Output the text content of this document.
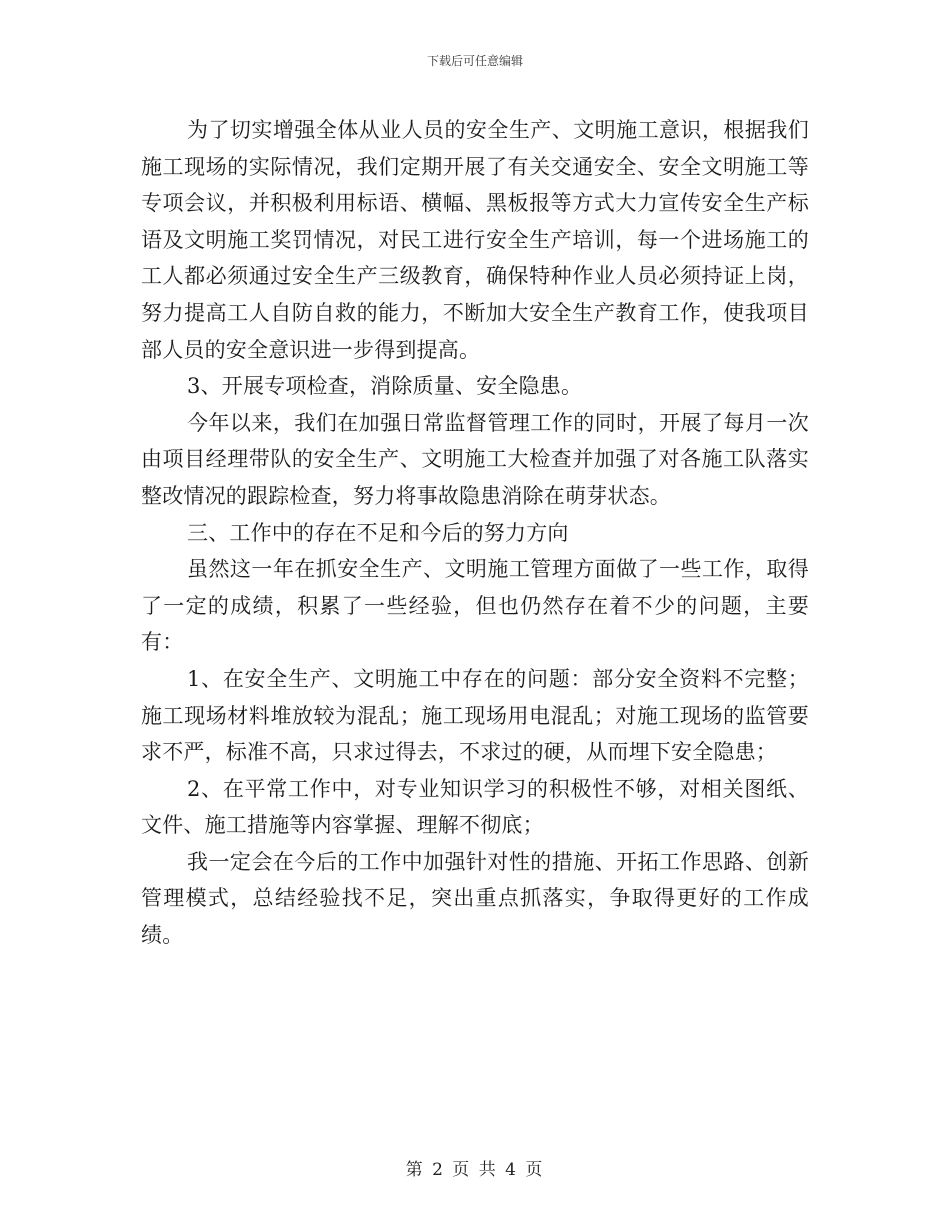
下载后可任意编辑

为了切实增强全体从业人员的安全生产、文明施工意识，根据我们施工现场的实际情况，我们定期开展了有关交通安全、安全文明施工等专项会议，并积极利用标语、横幅、黑板报等方式大力宣传安全生产标语及文明施工奖罚情况，对民工进行安全生产培训，每一个进场施工的工人都必须通过安全生产三级教育，确保特种作业人员必须持证上岗，努力提高工人自防自救的能力，不断加大安全生产教育工作，使我项目部人员的安全意识进一步得到提高。

3、开展专项检查，消除质量、安全隐患。

今年以来，我们在加强日常监督管理工作的同时，开展了每月一次由项目经理带队的安全生产、文明施工大检查并加强了对各施工队落实整改情况的跟踪检查，努力将事故隐患消除在萌芽状态。

三、工作中的存在不足和今后的努力方向

虽然这一年在抓安全生产、文明施工管理方面做了一些工作，取得了一定的成绩，积累了一些经验，但也仍然存在着不少的问题，主要有：

1、在安全生产、文明施工中存在的问题：部分安全资料不完整；施工现场材料堆放较为混乱；施工现场用电混乱；对施工现场的监管要求不严，标准不高，只求过得去，不求过的硬，从而埋下安全隐患；

2、在平常工作中，对专业知识学习的积极性不够，对相关图纸、文件、施工措施等内容掌握、理解不彻底；

我一定会在今后的工作中加强针对性的措施、开拓工作思路、创新管理模式，总结经验找不足，突出重点抓落实，争取得更好的工作成绩。

第 2 页 共 4 页
